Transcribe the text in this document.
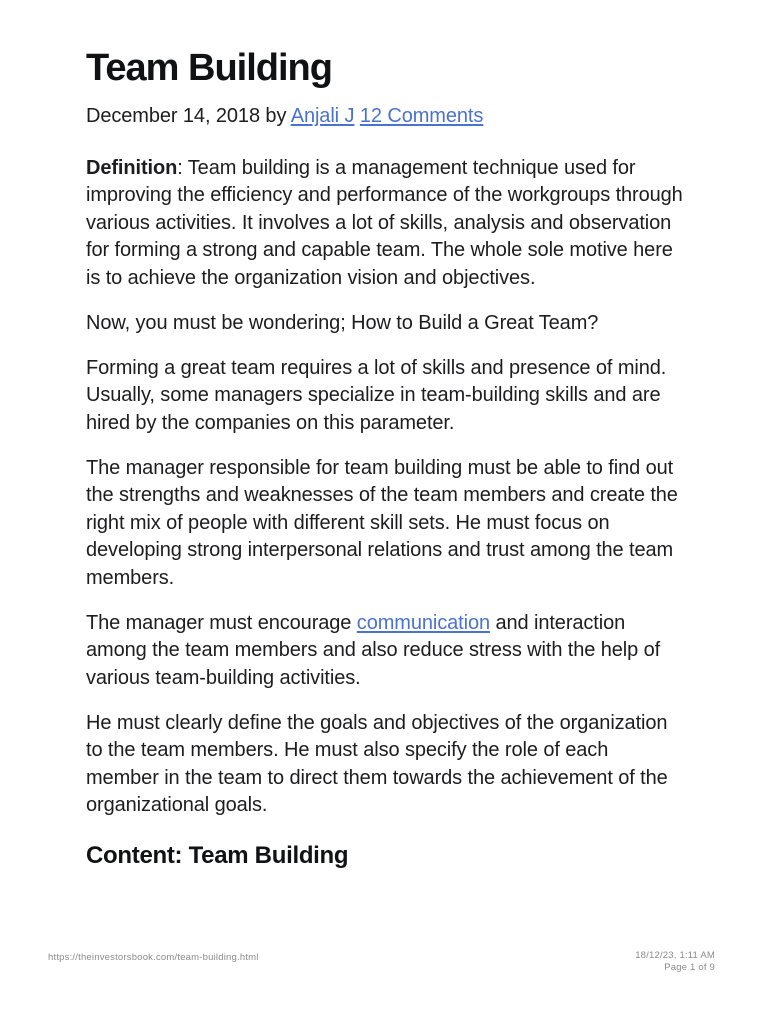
Team Building
December 14, 2018 by Anjali J 12 Comments

Definition: Team building is a management technique used for improving the efficiency and performance of the workgroups through various activities. It involves a lot of skills, analysis and observation for forming a strong and capable team. The whole sole motive here is to achieve the organization vision and objectives.

Now, you must be wondering; How to Build a Great Team?

Forming a great team requires a lot of skills and presence of mind. Usually, some managers specialize in team-building skills and are hired by the companies on this parameter.

The manager responsible for team building must be able to find out the strengths and weaknesses of the team members and create the right mix of people with different skill sets. He must focus on developing strong interpersonal relations and trust among the team members.

The manager must encourage communication and interaction among the team members and also reduce stress with the help of various team-building activities.

He must clearly define the goals and objectives of the organization to the team members. He must also specify the role of each member in the team to direct them towards the achievement of the organizational goals.

Content: Team Building
https://theinvestorsbook.com/team-building.html	18/12/23, 1:11 AM
Page 1 of 9
